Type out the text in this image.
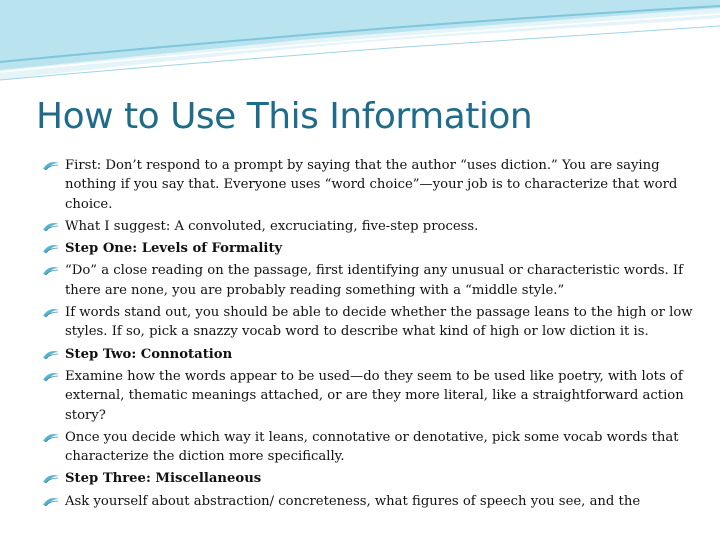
How to Use This Information
First: Don’t respond to a prompt by saying that the author “uses diction.” You are saying nothing if you say that. Everyone uses “word choice”—your job is to characterize that word choice.
What I suggest: A convoluted, excruciating, five-step process.
Step One: Levels of Formality
“Do” a close reading on the passage, first identifying any unusual or characteristic words. If there are none, you are probably reading something with a “middle style.”
If words stand out, you should be able to decide whether the passage leans to the high or low styles. If so, pick a snazzy vocab word to describe what kind of high or low diction it is.
Step Two: Connotation
Examine how the words appear to be used—do they seem to be used like poetry, with lots of external, thematic meanings attached, or are they more literal, like a straightforward action story?
Once you decide which way it leans, connotative or denotative, pick some vocab words that characterize the diction more specifically.
Step Three: Miscellaneous
Ask yourself about abstraction/ concreteness, what figures of speech you see, and the
